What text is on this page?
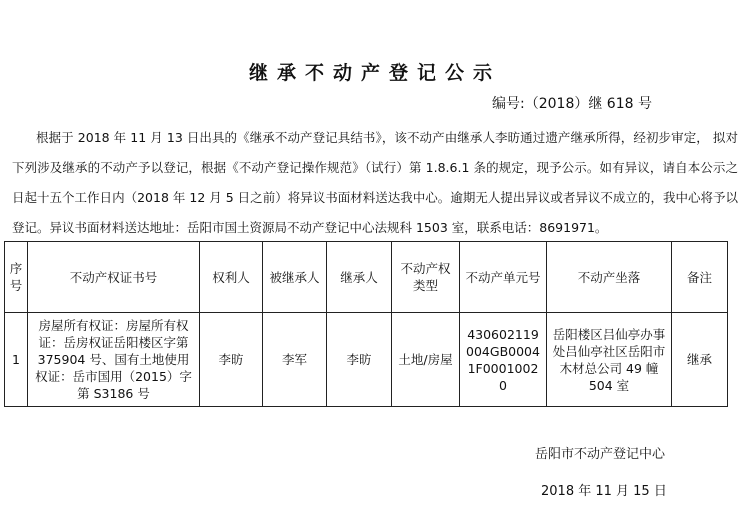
继承不动产登记公示
编号:（2018）继 618 号
根据于 2018 年 11 月 13 日出具的《继承不动产登记具结书》，该不动产由继承人李昉通过遗产继承所得，经初步审定， 拟对下列涉及继承的不动产予以登记，根据《不动产登记操作规范》（试行）第 1.8.6.1 条的规定，现予公示。如有异议，请自本公示之日起十五个工作日内（2018 年 12 月 5 日之前）将异议书面材料送达我中心。逾期无人提出异议或者异议不成立的，我中心将予以登记。异议书面材料送达地址：岳阳市国土资源局不动产登记中心法规科 1503 室，联系电话：8691971。
序号	不动产权证书号	权利人	被继承人	继承人	不动产权类型	不动产单元号	不动产坐落	备注
1	房屋所有权证：房屋所有权证：岳房权证岳阳楼区字第 375904 号、国有土地使用权证：岳市国用（2015）字第 S3186 号	李昉	李军	李昉	土地/房屋	430602119004GB00041F00010020	岳阳楼区吕仙亭办事处吕仙亭社区岳阳市木材总公司 49 幢 504 室	继承
岳阳市不动产登记中心
2018 年 11 月 15 日
